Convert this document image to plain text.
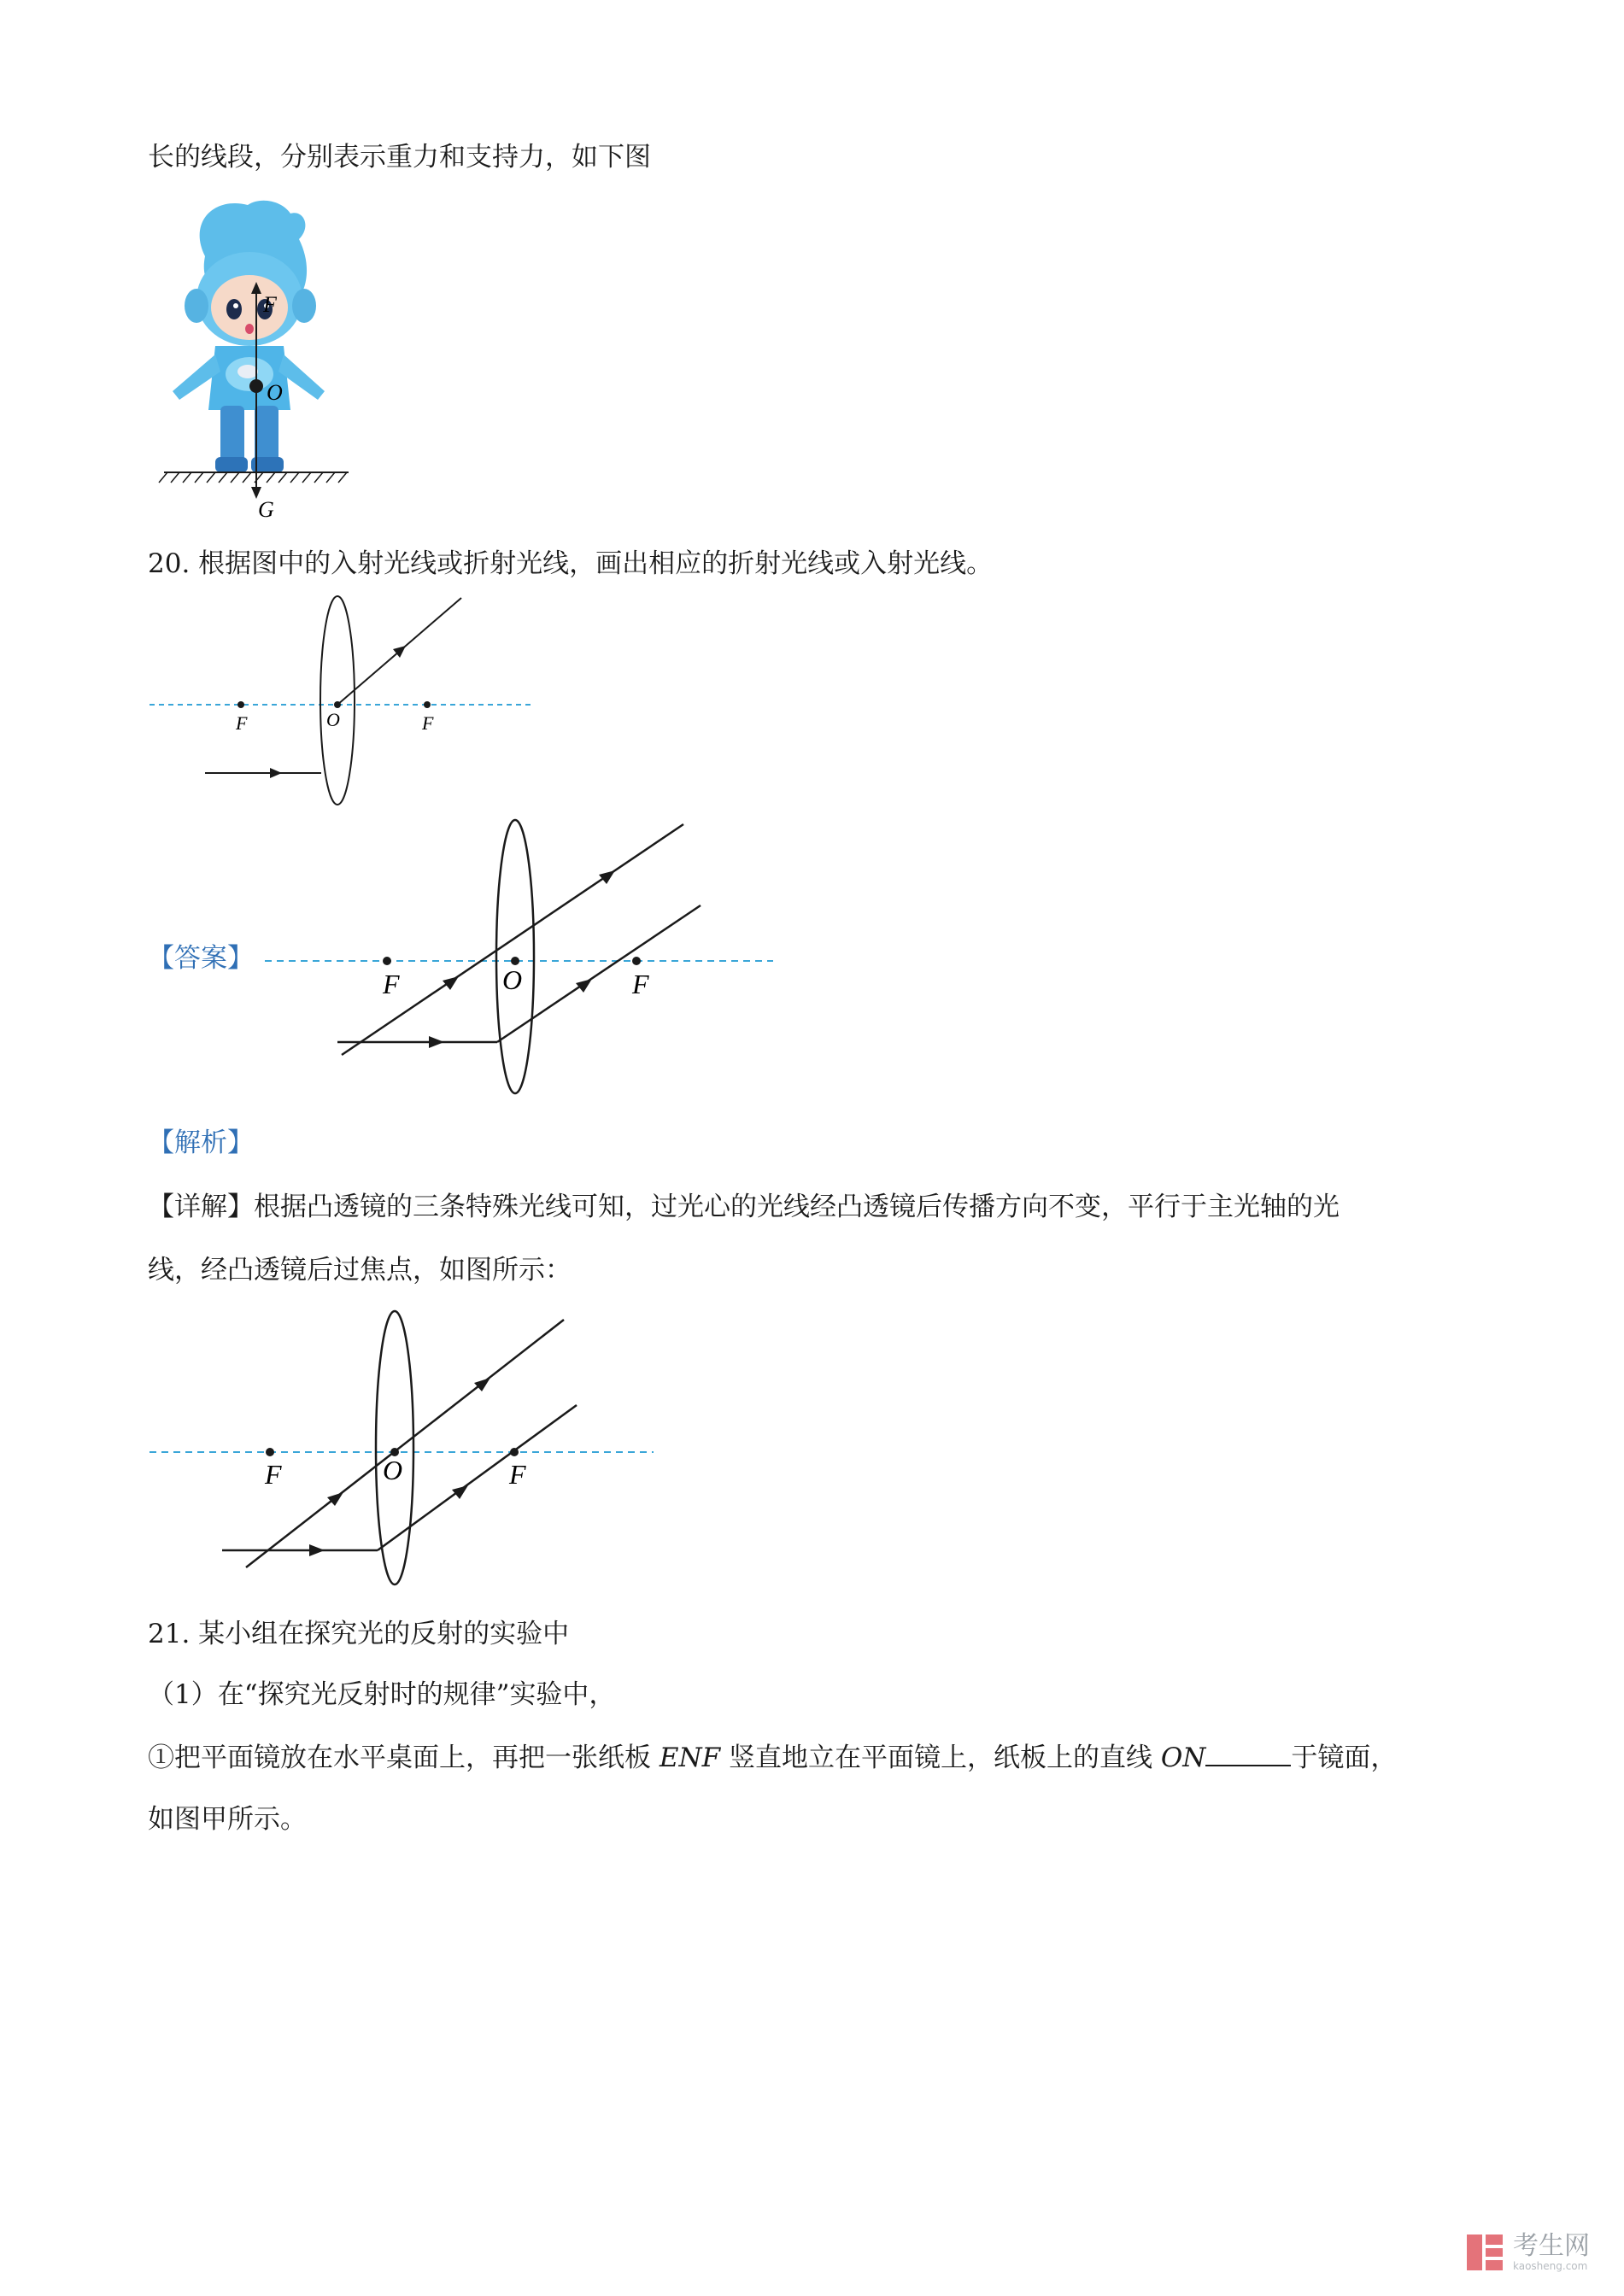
长的线段，分别表示重力和支持力，如下图
F
O
G
20. 根据图中的入射光线或折射光线，画出相应的折射光线或入射光线。
F	O	F
【答案】
F	O	F
【解析】
【详解】根据凸透镜的三条特殊光线可知，过光心的光线经凸透镜后传播方向不变，平行于主光轴的光
线，经凸透镜后过焦点，如图所示：
F	O	F
21. 某小组在探究光的反射的实验中
（1）在“探究光反射时的规律”实验中，
①把平面镜放在水平桌面上，再把一张纸板 ENF 竖直地立在平面镜上，纸板上的直线 ON	于镜面，
如图甲所示。
考生网
kaosheng.com
